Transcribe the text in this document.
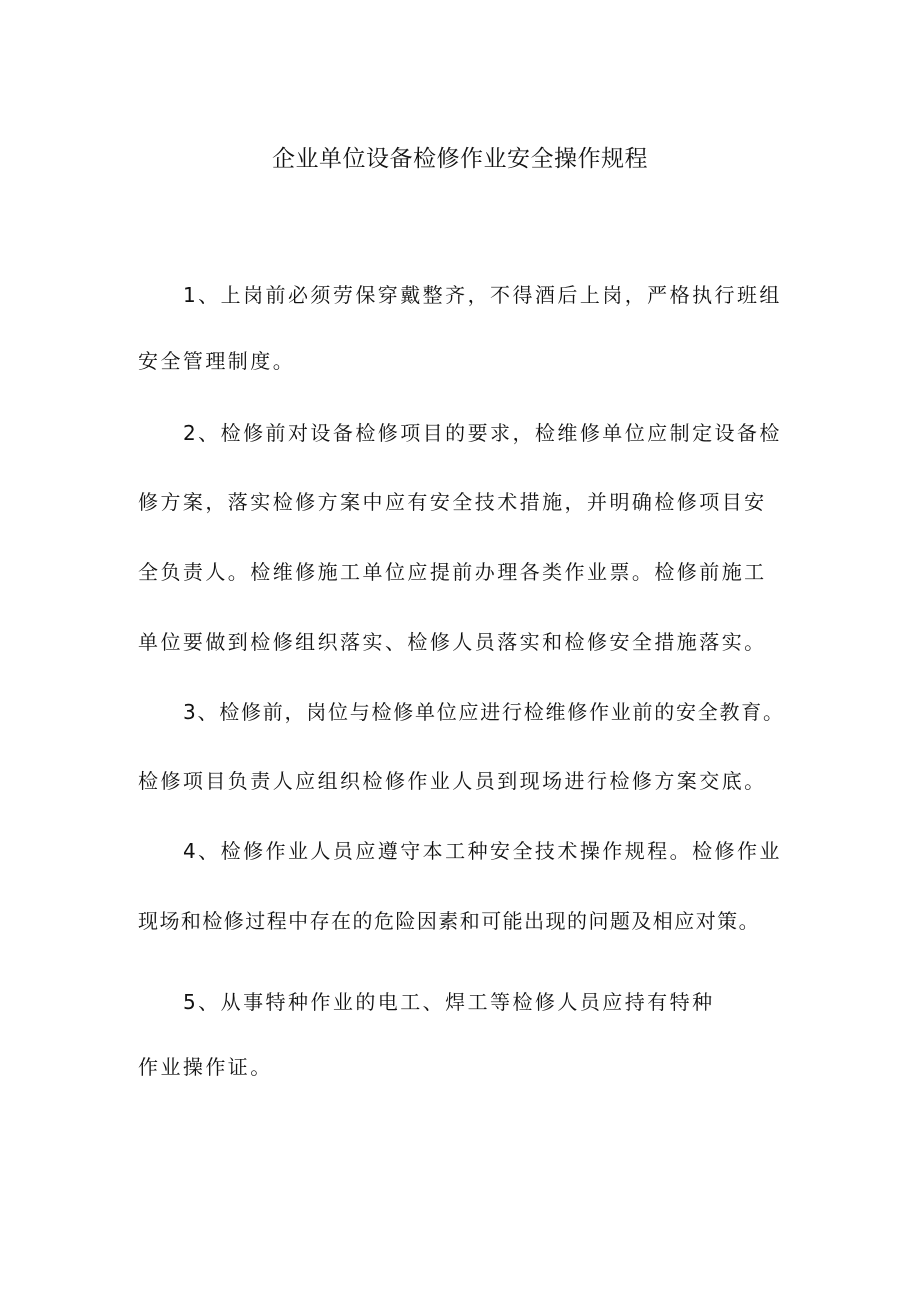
企业单位设备检修作业安全操作规程
1、上岗前必须劳保穿戴整齐，不得酒后上岗，严格执行班组
安全管理制度。
2、检修前对设备检修项目的要求，检维修单位应制定设备检
修方案，落实检修方案中应有安全技术措施，并明确检修项目安
全负责人。检维修施工单位应提前办理各类作业票。检修前施工
单位要做到检修组织落实、检修人员落实和检修安全措施落实。
3、检修前，岗位与检修单位应进行检维修作业前的安全教育。
检修项目负责人应组织检修作业人员到现场进行检修方案交底。
4、检修作业人员应遵守本工种安全技术操作规程。检修作业
现场和检修过程中存在的危险因素和可能出现的问题及相应对策。
5、从事特种作业的电工、焊工等检修人员应持有特种
作业操作证。
